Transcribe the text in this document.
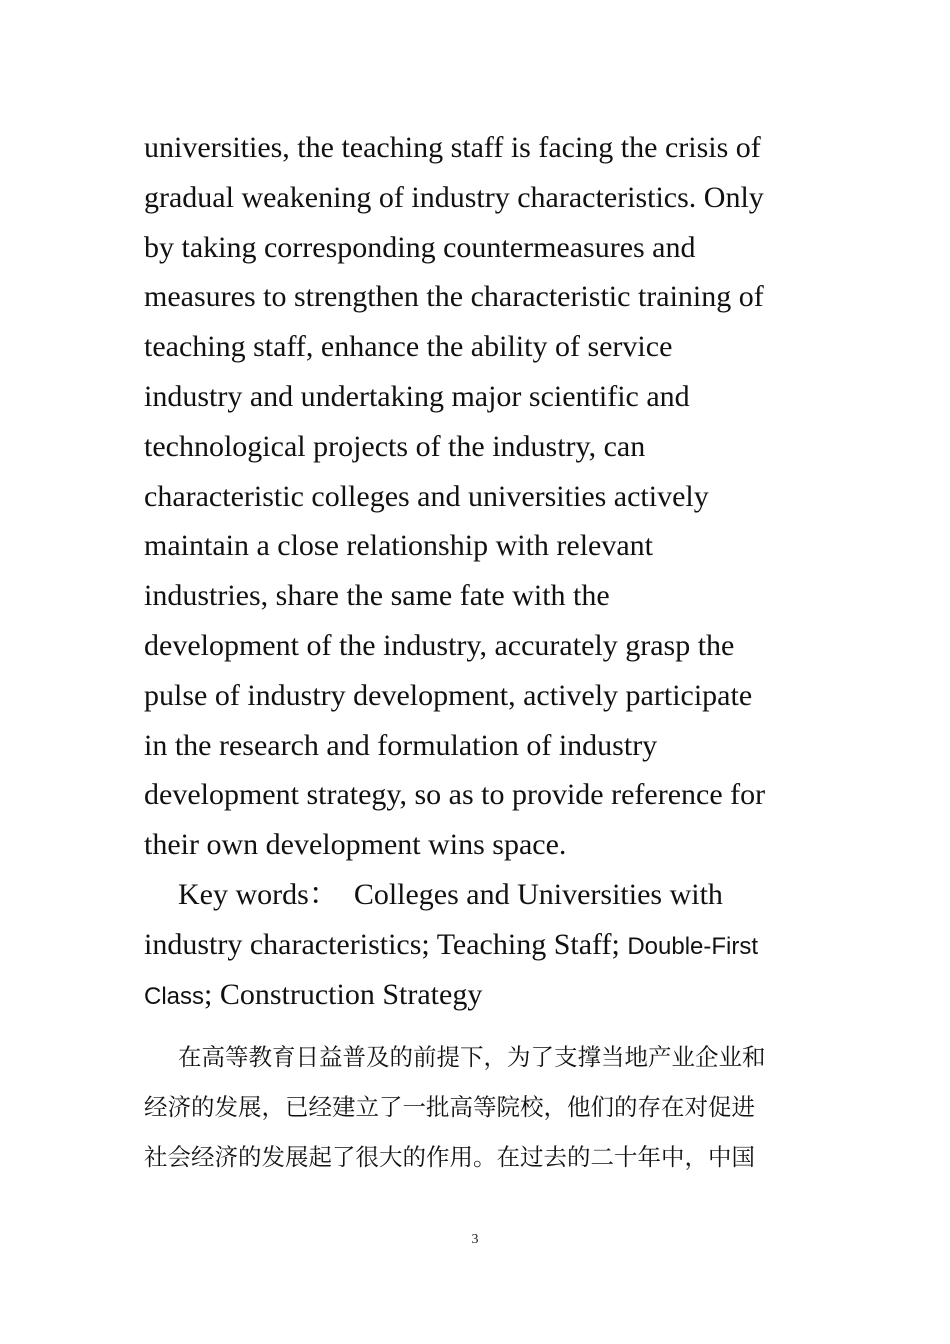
universities, the teaching staff is facing the crisis of
gradual weakening of industry characteristics. Only
by taking corresponding countermeasures and
measures to strengthen the characteristic training of
teaching staff, enhance the ability of service
industry and undertaking major scientific and
technological projects of the industry, can
characteristic colleges and universities actively
maintain a close relationship with relevant
industries, share the same fate with the
development of the industry, accurately grasp the
pulse of industry development, actively participate
in the research and formulation of industry
development strategy, so as to provide reference for
their own development wins space.
Key words： Colleges and Universities with
industry characteristics; Teaching Staff; Double-First
Class; Construction Strategy
在高等教育日益普及的前提下，为了支撑当地产业企业和
经济的发展，已经建立了一批高等院校，他们的存在对促进
社会经济的发展起了很大的作用。在过去的二十年中，中国
3
